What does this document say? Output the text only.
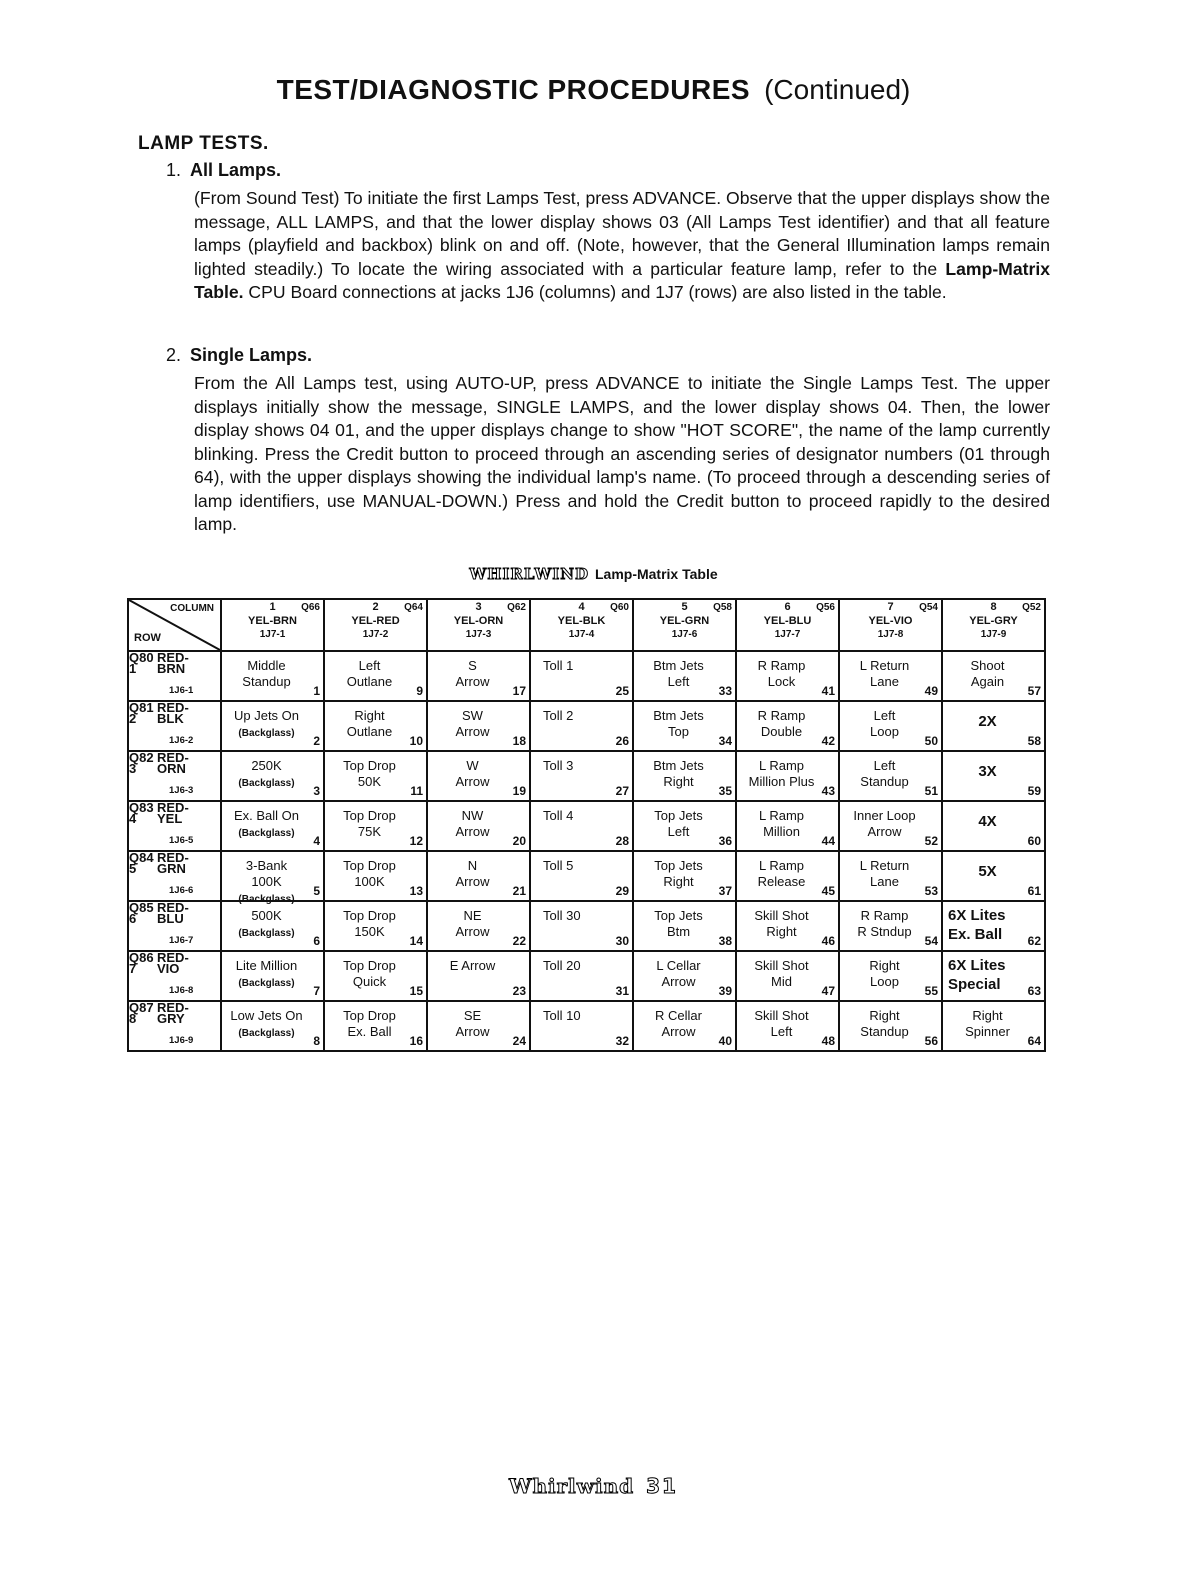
TEST/DIAGNOSTIC PROCEDURES (Continued)
LAMP TESTS.
1. All Lamps.
(From Sound Test) To initiate the first Lamps Test, press ADVANCE. Observe that the upper displays show the message, ALL LAMPS, and that the lower display shows 03 (All Lamps Test identifier) and that all feature lamps (playfield and backbox) blink on and off. (Note, however, that the General Illumination lamps remain lighted steadily.) To locate the wiring associated with a particular feature lamp, refer to the Lamp-Matrix Table. CPU Board connections at jacks 1J6 (columns) and 1J7 (rows) are also listed in the table.
2. Single Lamps.
From the All Lamps test, using AUTO-UP, press ADVANCE to initiate the Single Lamps Test. The upper displays initially show the message, SINGLE LAMPS, and the lower display shows 04. Then, the lower display shows 04 01, and the upper displays change to show "HOT SCORE", the name of the lamp currently blinking. Press the Credit button to proceed through an ascending series of designator numbers (01 through 64), with the upper displays showing the individual lamp's name. (To proceed through a descending series of lamp identifiers, use MANUAL-DOWN.) Press and hold the Credit button to proceed rapidly to the desired lamp.
WHIRLWIND Lamp-Matrix Table
COLUMN
ROW	1 Q66
YEL-BRN
1J7-1	2 Q64
YEL-RED
1J7-2	3 Q62
YEL-ORN
1J7-3	4 Q60
YEL-BLK
1J7-4	5 Q58
YEL-GRN
1J7-6	6 Q56
YEL-BLU
1J7-7	7 Q54
YEL-VIO
1J7-8	8 Q52
YEL-GRY
1J7-9

Q80 RED-
1 BRN
1J6-1	Middle
Standup
1	Left
Outlane
9	S
Arrow
17	Toll 1
25	Btm Jets
Left
33	R Ramp
Lock
41	L Return
Lane
49	Shoot
Again
57

Q81 RED-
2 BLK
1J6-2	Up Jets On
(Backglass)
2	Right
Outlane
10	SW
Arrow
18	Toll 2
26	Btm Jets
Top
34	R Ramp
Double
42	Left
Loop
50	2X
58

Q82 RED-
3 ORN
1J6-3	250K
(Backglass)
3	Top Drop
50K
11	W
Arrow
19	Toll 3
27	Btm Jets
Right
35	L Ramp
Million Plus
43	Left
Standup
51	3X
59

Q83 RED-
4 YEL
1J6-5	Ex. Ball On
(Backglass)
4	Top Drop
75K
12	NW
Arrow
20	Toll 4
28	Top Jets
Left
36	L Ramp
Million
44	Inner Loop
Arrow
52	4X
60

Q84 RED-
5 GRN
1J6-6	3-Bank 100K
(Backglass)
5	Top Drop
100K
13	N
Arrow
21	Toll 5
29	Top Jets
Right
37	L Ramp
Release
45	L Return
Lane
53	5X
61

Q85 RED-
6 BLU
1J6-7	500K
(Backglass)
6	Top Drop
150K
14	NE
Arrow
22	Toll 30
30	Top Jets
Btm
38	Skill Shot
Right
46	R Ramp
R Stndup
54	6X Lites
Ex. Ball 62

Q86 RED-
7 VIO
1J6-8	Lite Million
(Backglass)
7	Top Drop
Quick
15	E Arrow
23	Toll 20
31	L Cellar
Arrow
39	Skill Shot
Mid
47	Right
Loop
55	6X Lites
Special 63

Q87 RED-
8 GRY
1J6-9	Low Jets On
(Backglass)
8	Top Drop
Ex. Ball
16	SE
Arrow
24	Toll 10
32	R Cellar
Arrow
40	Skill Shot
Left
48	Right
Standup
56	Right
Spinner
64
Whirlwind 31
